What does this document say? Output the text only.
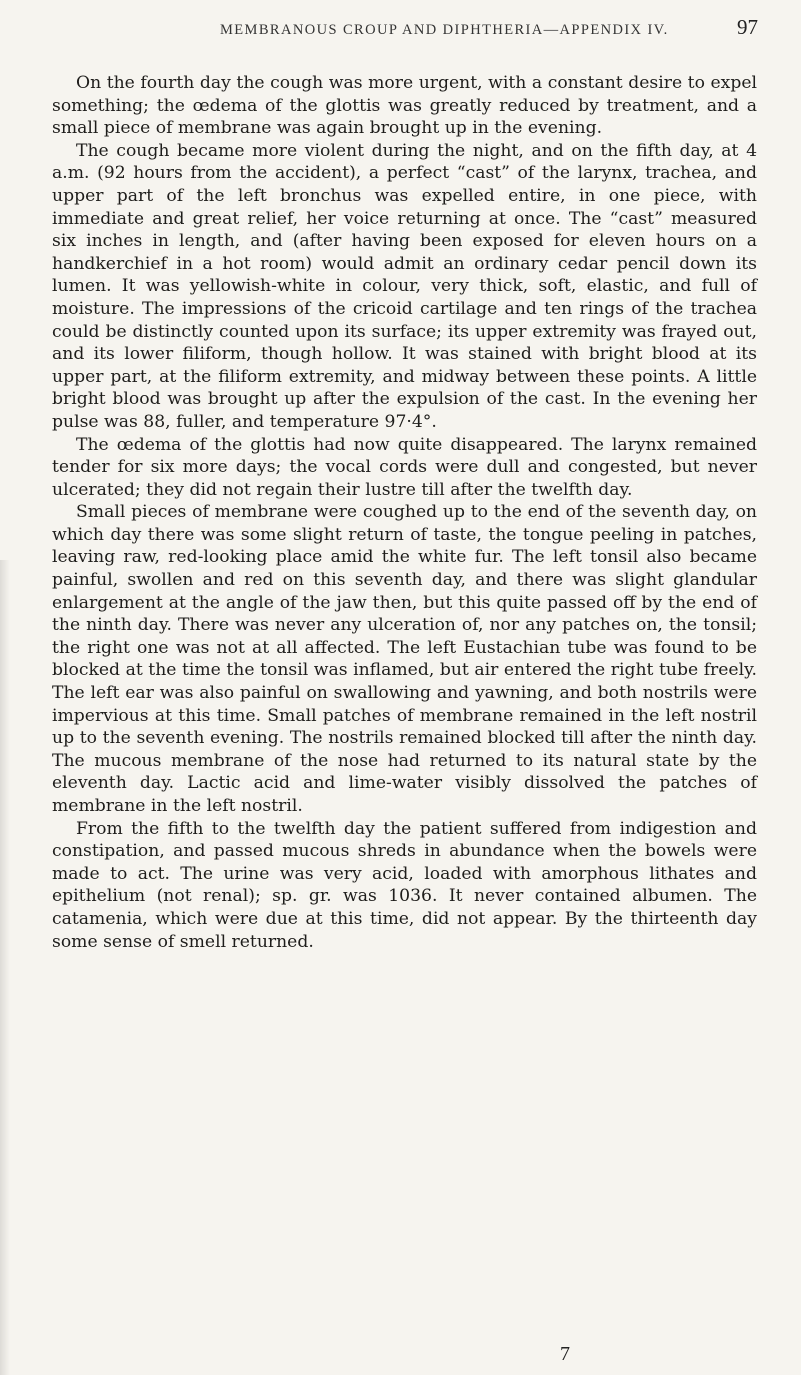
MEMBRANOUS CROUP AND DIPHTHERIA—APPENDIX IV.	97

On the fourth day the cough was more urgent, with a constant desire to expel something; the œdema of the glottis was greatly reduced by treatment, and a small piece of membrane was again brought up in the evening.

The cough became more violent during the night, and on the fifth day, at 4 a.m. (92 hours from the accident), a perfect “cast” of the larynx, trachea, and upper part of the left bronchus was expelled entire, in one piece, with immediate and great relief, her voice returning at once. The “cast” measured six inches in length, and (after having been exposed for eleven hours on a handkerchief in a hot room) would admit an ordinary cedar pencil down its lumen. It was yellowish-white in colour, very thick, soft, elastic, and full of moisture. The impressions of the cricoid cartilage and ten rings of the trachea could be distinctly counted upon its surface; its upper extremity was frayed out, and its lower filiform, though hollow. It was stained with bright blood at its upper part, at the filiform extremity, and midway between these points. A little bright blood was brought up after the expulsion of the cast. In the evening her pulse was 88, fuller, and temperature 97·4°.

The œdema of the glottis had now quite disappeared. The larynx remained tender for six more days; the vocal cords were dull and congested, but never ulcerated; they did not regain their lustre till after the twelfth day.

Small pieces of membrane were coughed up to the end of the seventh day, on which day there was some slight return of taste, the tongue peeling in patches, leaving raw, red-looking place amid the white fur. The left tonsil also became painful, swollen and red on this seventh day, and there was slight glandular enlargement at the angle of the jaw then, but this quite passed off by the end of the ninth day. There was never any ulceration of, nor any patches on, the tonsil; the right one was not at all affected. The left Eustachian tube was found to be blocked at the time the tonsil was inflamed, but air entered the right tube freely. The left ear was also painful on swallowing and yawning, and both nostrils were impervious at this time. Small patches of membrane remained in the left nostril up to the seventh evening. The nostrils remained blocked till after the ninth day. The mucous membrane of the nose had returned to its natural state by the eleventh day. Lactic acid and lime-water visibly dissolved the patches of membrane in the left nostril.

From the fifth to the twelfth day the patient suffered from indigestion and constipation, and passed mucous shreds in abundance when the bowels were made to act. The urine was very acid, loaded with amorphous lithates and epithelium (not renal); sp. gr. was 1036. It never contained albumen. The catamenia, which were due at this time, did not appear. By the thirteenth day some sense of smell returned.

7
